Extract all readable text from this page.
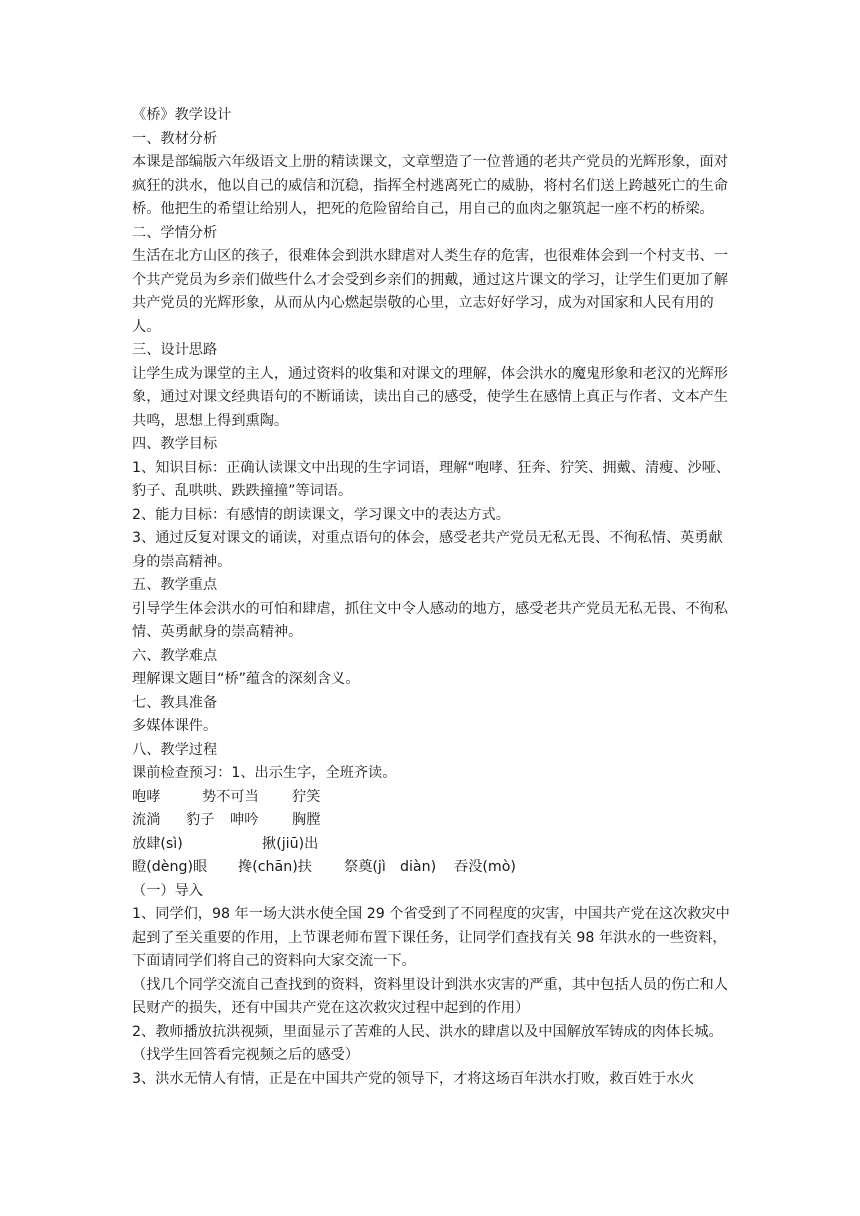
《桥》教学设计

一、教材分析

本课是部编版六年级语文上册的精读课文，文章塑造了一位普通的老共产党员的光辉形象，面对疯狂的洪水，他以自己的威信和沉稳，指挥全村逃离死亡的威胁，将村名们送上跨越死亡的生命桥。他把生的希望让给别人，把死的危险留给自己，用自己的血肉之躯筑起一座不朽的桥梁。

二、学情分析

生活在北方山区的孩子，很难体会到洪水肆虐对人类生存的危害，也很难体会到一个村支书、一个共产党员为乡亲们做些什么才会受到乡亲们的拥戴，通过这片课文的学习，让学生们更加了解共产党员的光辉形象，从而从内心燃起崇敬的心里，立志好好学习，成为对国家和人民有用的人。

三、设计思路

让学生成为课堂的主人，通过资料的收集和对课文的理解，体会洪水的魔鬼形象和老汉的光辉形象，通过对课文经典语句的不断诵读，读出自己的感受，使学生在感情上真正与作者、文本产生共鸣，思想上得到熏陶。

四、教学目标

1、知识目标：正确认读课文中出现的生字词语，理解“咆哮、狂奔、狞笑、拥戴、清瘦、沙哑、豹子、乱哄哄、跌跌撞撞”等词语。

2、能力目标：有感情的朗读课文，学习课文中的表达方式。

3、通过反复对课文的诵读，对重点语句的体会，感受老共产党员无私无畏、不徇私情、英勇献身的崇高精神。

五、教学重点

引导学生体会洪水的可怕和肆虐，抓住文中令人感动的地方，感受老共产党员无私无畏、不徇私情、英勇献身的崇高精神。

六、教学难点

理解课文题目“桥”蕴含的深刻含义。

七、教具准备

多媒体课件。

八、教学过程

课前检查预习：1、出示生字，全班齐读。

咆哮	势不可当	狞笑
流淌	豹子	呻吟	胸膛
放肆(sì)	揪(jiū)出
瞪(dèng)眼	搀(chān)扶	祭奠(jì　diàn)	吞没(mò)

（一）导入

1、同学们，98 年一场大洪水使全国 29 个省受到了不同程度的灾害，中国共产党在这次救灾中起到了至关重要的作用，上节课老师布置下课任务，让同学们查找有关 98 年洪水的一些资料，下面请同学们将自己的资料向大家交流一下。

（找几个同学交流自己查找到的资料，资料里设计到洪水灾害的严重，其中包括人员的伤亡和人民财产的损失，还有中国共产党在这次救灾过程中起到的作用）

2、教师播放抗洪视频，里面显示了苦难的人民、洪水的肆虐以及中国解放军铸成的肉体长城。

（找学生回答看完视频之后的感受）

3、洪水无情人有情，正是在中国共产党的领导下，才将这场百年洪水打败，救百姓于水火
